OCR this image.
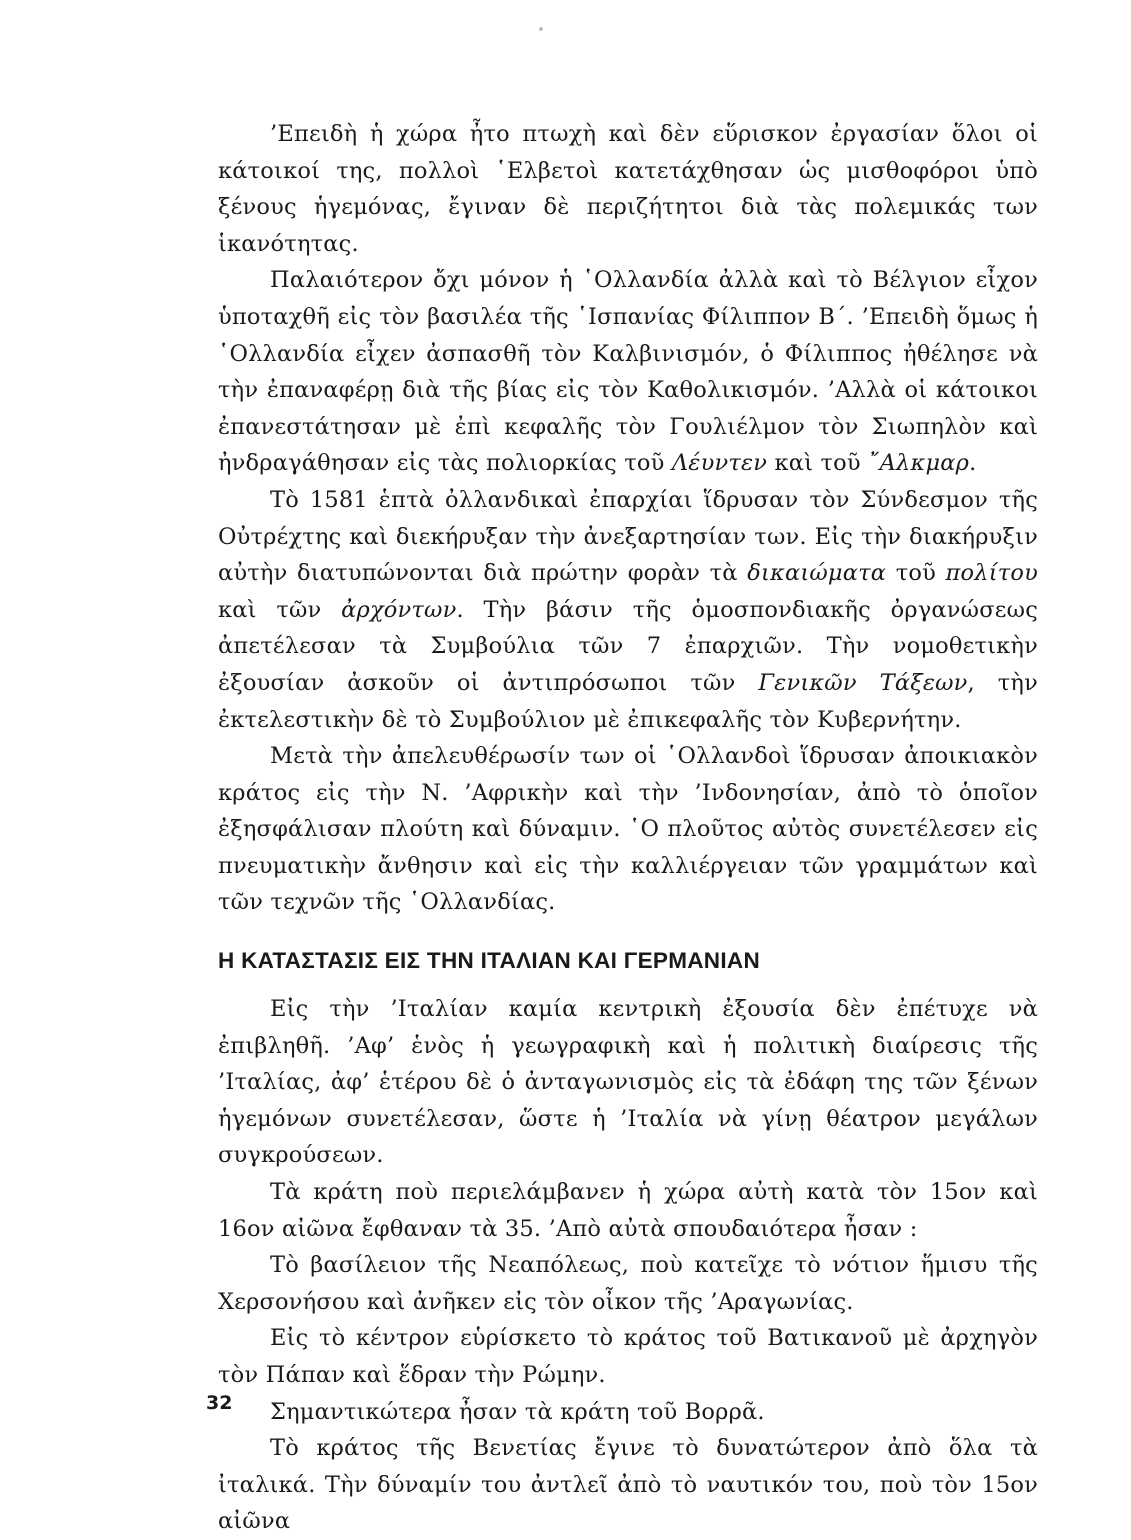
’Επειδὴ ἡ χώρα ἦτο πτωχὴ καὶ δὲν εὕρισκον ἐργασίαν ὅλοι οἱ κάτοικοί της, πολλοὶ ῾Ελβετοὶ κατετάχθησαν ὡς μισθοφόροι ὑπὸ ξένους ἡγεμόνας, ἔγιναν δὲ περιζήτητοι διὰ τὰς πολεμικάς των ἱκανότητας.

Παλαιότερον ὄχι μόνον ἡ ῾Ολλανδία ἀλλὰ καὶ τὸ Βέλγιον εἶχον ὑποταχθῆ εἰς τὸν βασιλέα τῆς ῾Ισπανίας Φίλιππον Β΄. ’Επειδὴ ὅμως ἡ ῾Ολλανδία εἶχεν ἀσπασθῆ τὸν Καλβινισμόν, ὁ Φίλιππος ἠθέλησε νὰ τὴν ἐπαναφέρῃ διὰ τῆς βίας εἰς τὸν Καθολικισμόν. ’Αλλὰ οἱ κάτοικοι ἐπανεστάτησαν μὲ ἐπὶ κεφαλῆς τὸν Γουλιέλμον τὸν Σιωπηλὸν καὶ ἠνδραγάθησαν εἰς τὰς πολιορκίας τοῦ Λέυντεν καὶ τοῦ ῎Αλκμαρ.

Τὸ 1581 ἑπτὰ ὀλλανδικαὶ ἐπαρχίαι ἵδρυσαν τὸν Σύνδεσμον τῆς Οὐτρέχτης καὶ διεκήρυξαν τὴν ἀνεξαρτησίαν των. Εἰς τὴν διακήρυξιν αὐτὴν διατυπώνονται διὰ πρώτην φορὰν τὰ δικαιώματα τοῦ πολίτου καὶ τῶν ἀρχόντων. Τὴν βάσιν τῆς ὁμοσπονδιακῆς ὀργανώσεως ἀπετέλεσαν τὰ Συμβούλια τῶν 7 ἐπαρχιῶν. Τὴν νομοθετικὴν ἐξουσίαν ἀσκοῦν οἱ ἀντιπρόσωποι τῶν Γενικῶν Τάξεων, τὴν ἐκτελεστικὴν δὲ τὸ Συμβούλιον μὲ ἐπικεφαλῆς τὸν Κυβερνήτην.

Μετὰ τὴν ἀπελευθέρωσίν των οἱ ῾Ολλανδοὶ ἵδρυσαν ἀποικιακὸν κράτος εἰς τὴν Ν. ’Αφρικὴν καὶ τὴν ’Ινδονησίαν, ἀπὸ τὸ ὁποῖον ἐξησφάλισαν πλούτη καὶ δύναμιν. ῾Ο πλοῦτος αὐτὸς συνετέλεσεν εἰς πνευματικὴν ἄνθησιν καὶ εἰς τὴν καλλιέργειαν τῶν γραμμάτων καὶ τῶν τεχνῶν τῆς ῾Ολλανδίας.

Η ΚΑΤΑΣΤΑΣΙΣ ΕΙΣ ΤΗΝ ΙΤΑΛΙΑΝ ΚΑΙ ΓΕΡΜΑΝΙΑΝ

Εἰς τὴν ’Ιταλίαν καμία κεντρικὴ ἐξουσία δὲν ἐπέτυχε νὰ ἐπιβληθῆ. ’Αφ’ ἑνὸς ἡ γεωγραφικὴ καὶ ἡ πολιτικὴ διαίρεσις τῆς ’Ιταλίας, ἀφ’ ἑτέρου δὲ ὁ ἀνταγωνισμὸς εἰς τὰ ἐδάφη της τῶν ξένων ἡγεμόνων συνετέλεσαν, ὥστε ἡ ’Ιταλία νὰ γίνῃ θέατρον μεγάλων συγκρούσεων.

Τὰ κράτη ποὺ περιελάμβανεν ἡ χώρα αὐτὴ κατὰ τὸν 15ον καὶ 16ον αἰῶνα ἔφθαναν τὰ 35. ’Απὸ αὐτὰ σπουδαιότερα ἦσαν :

Τὸ βασίλειον τῆς Νεαπόλεως, ποὺ κατεῖχε τὸ νότιον ἥμισυ τῆς Χερσονήσου καὶ ἀνῆκεν εἰς τὸν οἶκον τῆς ’Αραγωνίας.

Εἰς τὸ κέντρον εὑρίσκετο τὸ κράτος τοῦ Βατικανοῦ μὲ ἀρχηγὸν τὸν Πάπαν καὶ ἕδραν τὴν Ρώμην.

Σημαντικώτερα ἦσαν τὰ κράτη τοῦ Βορρᾶ.

Τὸ κράτος τῆς Βενετίας ἔγινε τὸ δυνατώτερον ἀπὸ ὅλα τὰ ἰταλικά. Τὴν δύναμίν του ἀντλεῖ ἀπὸ τὸ ναυτικόν του, ποὺ τὸν 15ον αἰῶνα

32
